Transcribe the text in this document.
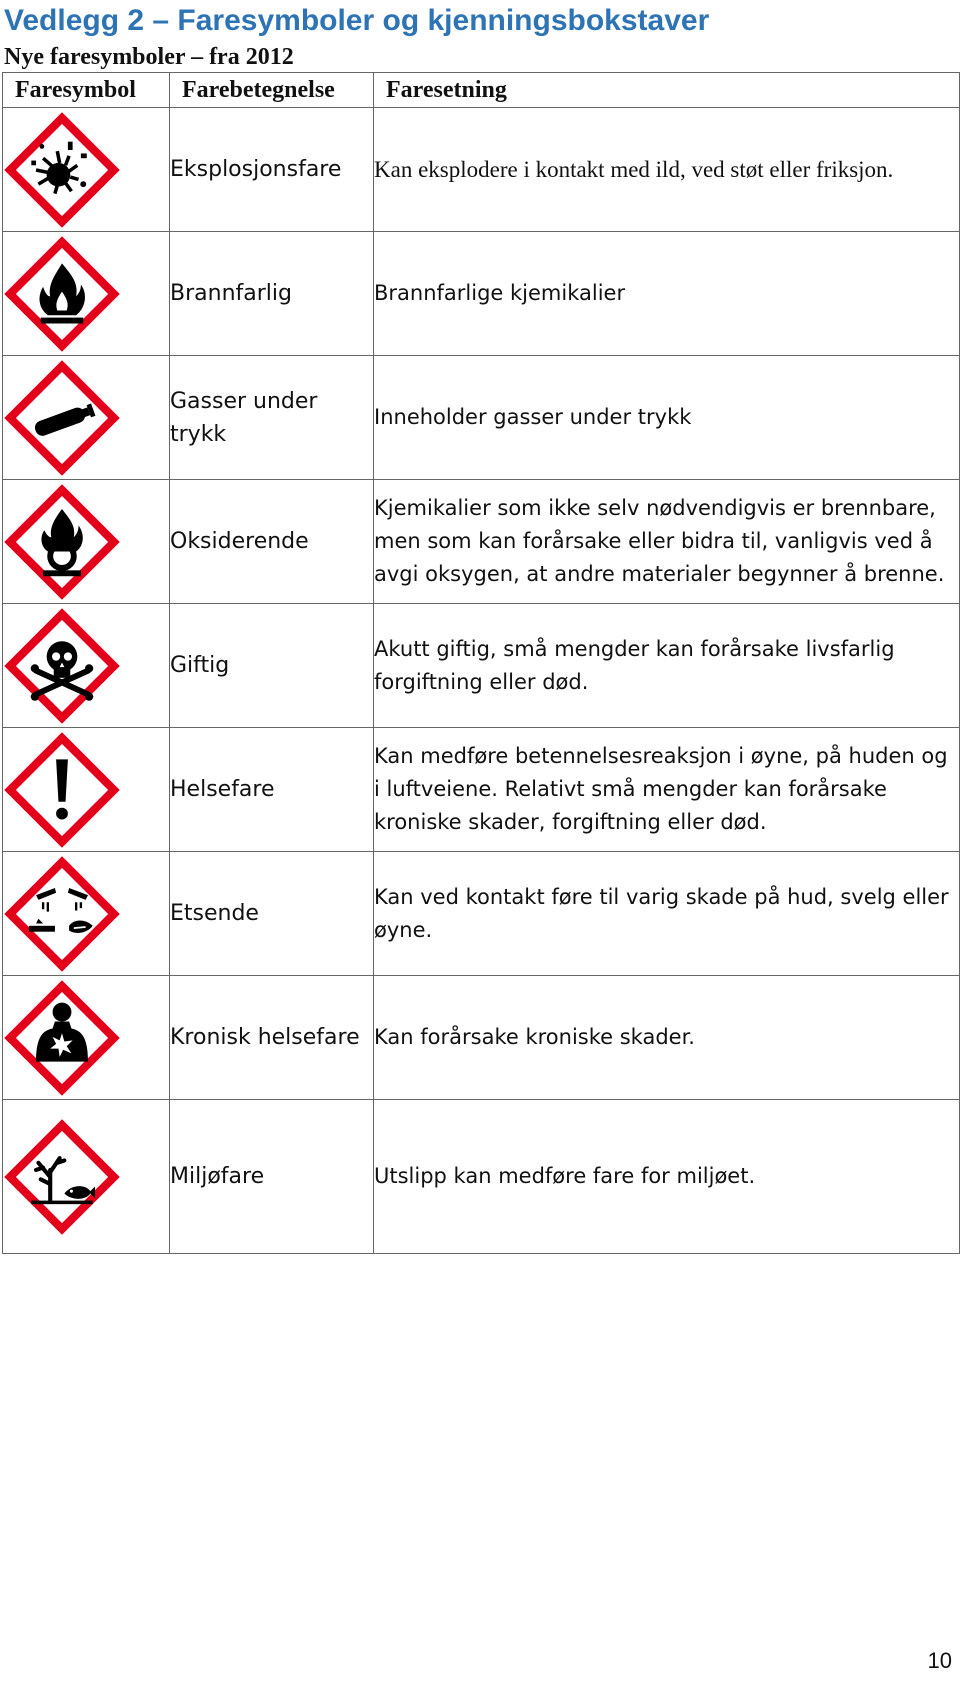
Vedlegg 2 – Faresymboler og kjenningsbokstaver
Nye faresymboler – fra 2012
Faresymbol	Farebetegnelse	Faresetning

	Eksplosjonsfare	Kan eksplodere i kontakt med ild, ved støt eller friksjon.

	Brannfarlig	Brannfarlige kjemikalier

	Gasser under trykk	Inneholder gasser under trykk

	Oksiderende	Kjemikalier som ikke selv nødvendigvis er brennbare, men som kan forårsake eller bidra til, vanligvis ved å avgi oksygen, at andre materialer begynner å brenne.

	Giftig	Akutt giftig, små mengder kan forårsake livsfarlig forgiftning eller død.

	Helsefare	Kan medføre betennelsesreaksjon i øyne, på huden og i luftveiene. Relativt små mengder kan forårsake kroniske skader, forgiftning eller død.

	Etsende	Kan ved kontakt føre til varig skade på hud, svelg eller øyne.

	Kronisk helsefare	Kan forårsake kroniske skader.

	Miljøfare	Utslipp kan medføre fare for miljøet.
10
